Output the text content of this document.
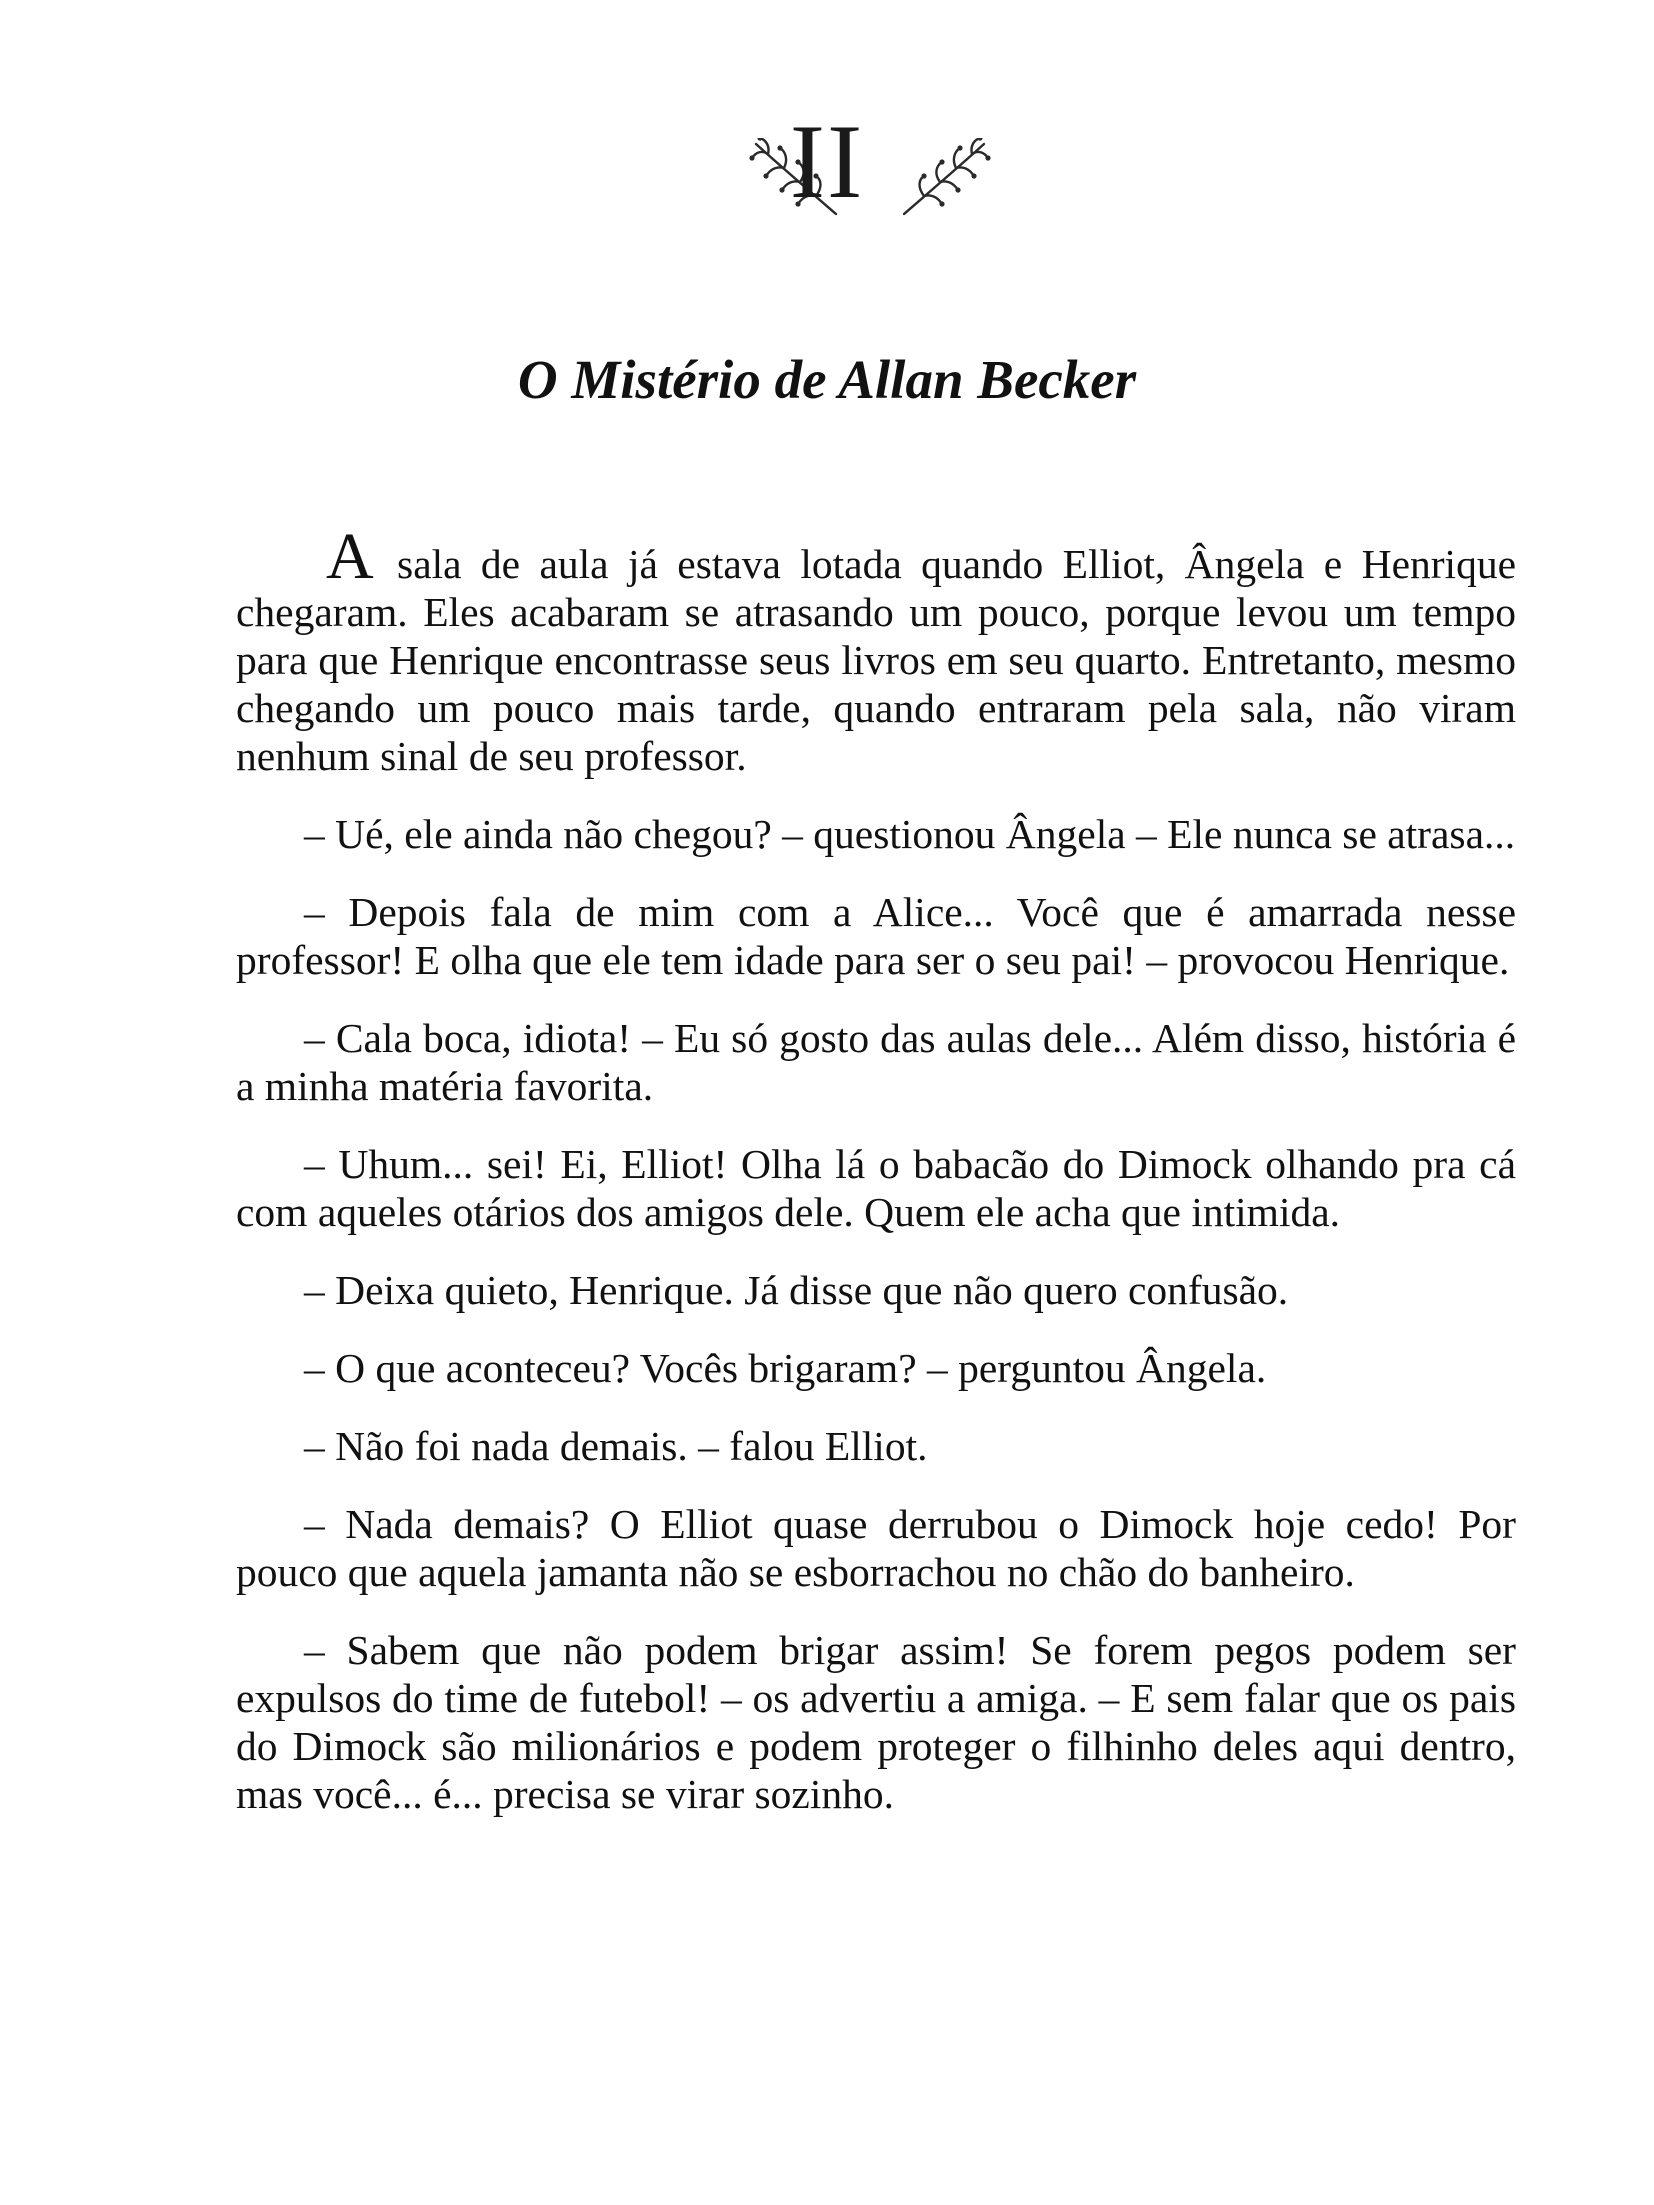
II
O Mistério de Allan Becker

A sala de aula já estava lotada quando Elliot, Ângela e Henrique chegaram. Eles acabaram se atrasando um pouco, porque levou um tempo para que Henrique encontrasse seus livros em seu quarto. Entretanto, mesmo chegando um pouco mais tarde, quando entraram pela sala, não viram nenhum sinal de seu professor.

– Ué, ele ainda não chegou? – questionou Ângela – Ele nunca se atrasa...

– Depois fala de mim com a Alice... Você que é amarrada nesse professor! E olha que ele tem idade para ser o seu pai! – provocou Henrique.

– Cala boca, idiota! – Eu só gosto das aulas dele... Além disso, história é a minha matéria favorita.

– Uhum... sei! Ei, Elliot! Olha lá o babacão do Dimock olhando pra cá com aqueles otários dos amigos dele. Quem ele acha que intimida.

– Deixa quieto, Henrique. Já disse que não quero confusão.

– O que aconteceu? Vocês brigaram? – perguntou Ângela.

– Não foi nada demais. – falou Elliot.

– Nada demais? O Elliot quase derrubou o Dimock hoje cedo! Por pouco que aquela jamanta não se esborrachou no chão do banheiro.

– Sabem que não podem brigar assim! Se forem pegos podem ser expulsos do time de futebol! – os advertiu a amiga. – E sem falar que os pais do Dimock são milionários e podem proteger o filhinho deles aqui dentro, mas você... é... precisa se virar sozinho.
